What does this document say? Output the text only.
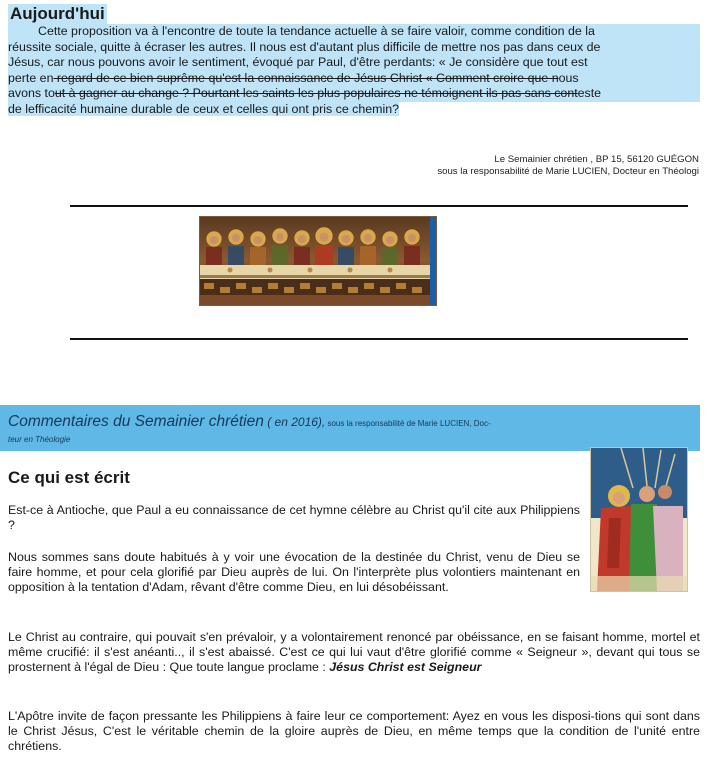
Aujourd'hui
Cette proposition va à l'encontre de toute la tendance actuelle à se faire valoir, comme condition de la
réussite sociale, quitte à écraser les autres. Il nous est d'autant plus difficile de mettre nos pas dans ceux de
Jésus, car nous pouvons avoir le sentiment, évoqué par Paul, d'être perdants: « Je considère que tout est
perte en regard de ce bien suprême qu'est la connaissance de Jésus Christ « Comment croire que nous
avons tout à gagner au change ? Pourtant les saints les plus populaires ne témoignent ils pas sans conteste
de lefficacité humaine durable de ceux et celles qui ont pris ce chemin?
Le Semainier chrétien , BP 15, 56120 GUÉGON
sous la responsabilité de Marie LUCIEN, Docteur en Théologi
Commentaires du Semainier chrétien ( en 2016), sous la responsabilité de Marie LUCIEN, Doc-
teur en Théologie
Ce qui est écrit
Est-ce à Antioche, que Paul a eu connaissance de cet hymne célèbre au Christ qu'il cite aux Philippiens ?
Nous sommes sans doute habitués à y voir une évocation de la destinée du Christ, venu de Dieu se faire homme, et pour cela glorifié par Dieu auprès de lui. On l'interprète plus volontiers maintenant en opposition à la tentation d'Adam, rêvant d'être comme Dieu, en lui désobéissant.
Le Christ au contraire, qui pouvait s'en prévaloir, y a volontairement renoncé par obéissance, en se faisant homme, mortel et même crucifié: il s'est anéanti.., il s'est abaissé. C'est ce qui lui vaut d'être glorifié comme « Seigneur », devant qui tous se prosternent à l'égal de Dieu : Que toute langue proclame : Jésus Christ est Seigneur
L'Apôtre invite de façon pressante les Philippiens à faire leur ce comportement: Ayez en vous les disposi-tions qui sont dans le Christ Jésus, C'est le véritable chemin de la gloire auprès de Dieu, en même temps que la condition de l'unité entre chrétiens.
